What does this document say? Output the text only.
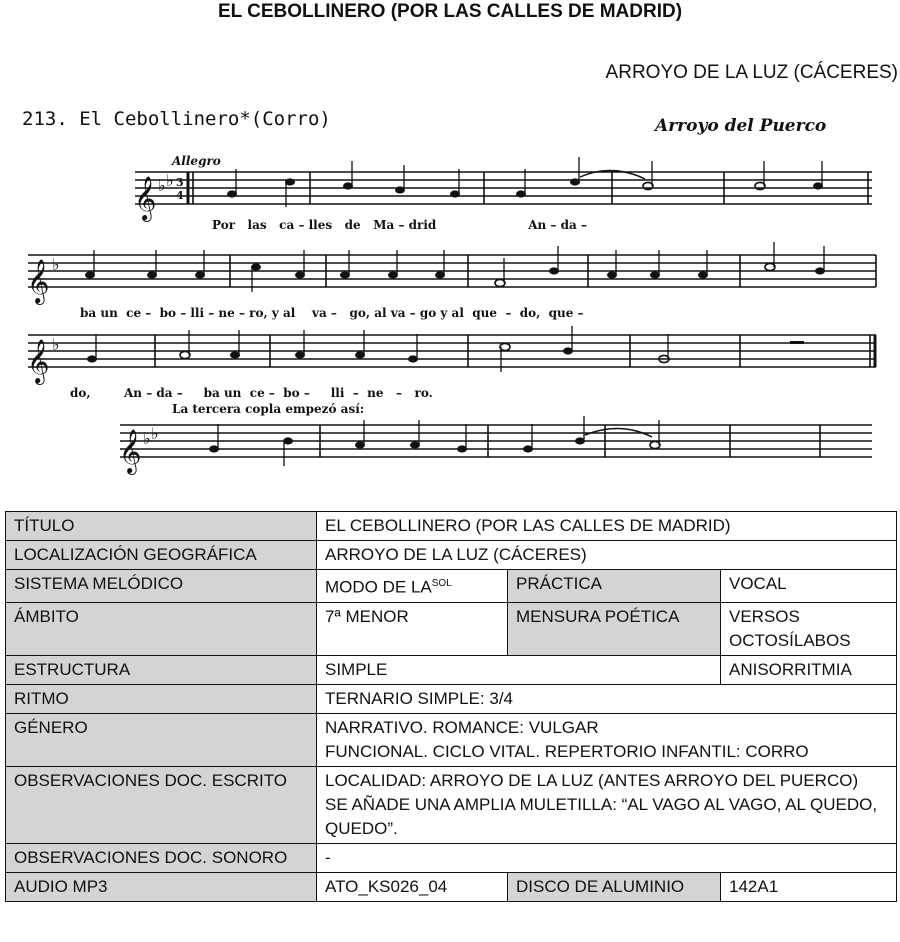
EL CEBOLLINERO (POR LAS CALLES DE MADRID)
ARROYO DE LA LUZ (CÁCERES)
213. El Cebollinero*(Corro)	Arroyo del Puerco
Allegro
𝄞 ♭ ♭ 3
4
Por   las   ca – lles   de   Ma – drid                      An – da –
𝄞 ♭
ba un  ce –  bo – lli – ne – ro, y al    va –   go, al va – go y al  que  –  do,  que –
𝄞 ♭
do,        An – da –     ba un  ce –  bo –     lli  –  ne   –   ro.
La tercera copla empezó así:
𝄞 ♭ ♭
TÍTULO	EL CEBOLLINERO (POR LAS CALLES DE MADRID)		
LOCALIZACIÓN GEOGRÁFICA	ARROYO DE LA LUZ (CÁCERES)		
SISTEMA MELÓDICO	MODO DE $LA^{SOL}$	PRÁCTICA	VOCAL
ÁMBITO	7ª MENOR	MENSURA POÉTICA	VERSOS OCTOSÍLABOS
ESTRUCTURA	SIMPLE		ANISORRITMIA
RITMO	TERNARIO SIMPLE: 3/4		
GÉNERO	NARRATIVO. ROMANCE: VULGAR
FUNCIONAL. CICLO VITAL. REPERTORIO INFANTIL: CORRO		

OBSERVACIONES DOC. ESCRITO	LOCALIDAD: ARROYO DE LA LUZ (ANTES ARROYO DEL PUERCO)
SE AÑADE UNA AMPLIA MULETILLA: “AL VAGO AL VAGO, AL QUEDO, QUEDO”.		

OBSERVACIONES DOC. SONORO	-		
AUDIO MP3	ATO_KS026_04	DISCO DE ALUMINIO	142A1
